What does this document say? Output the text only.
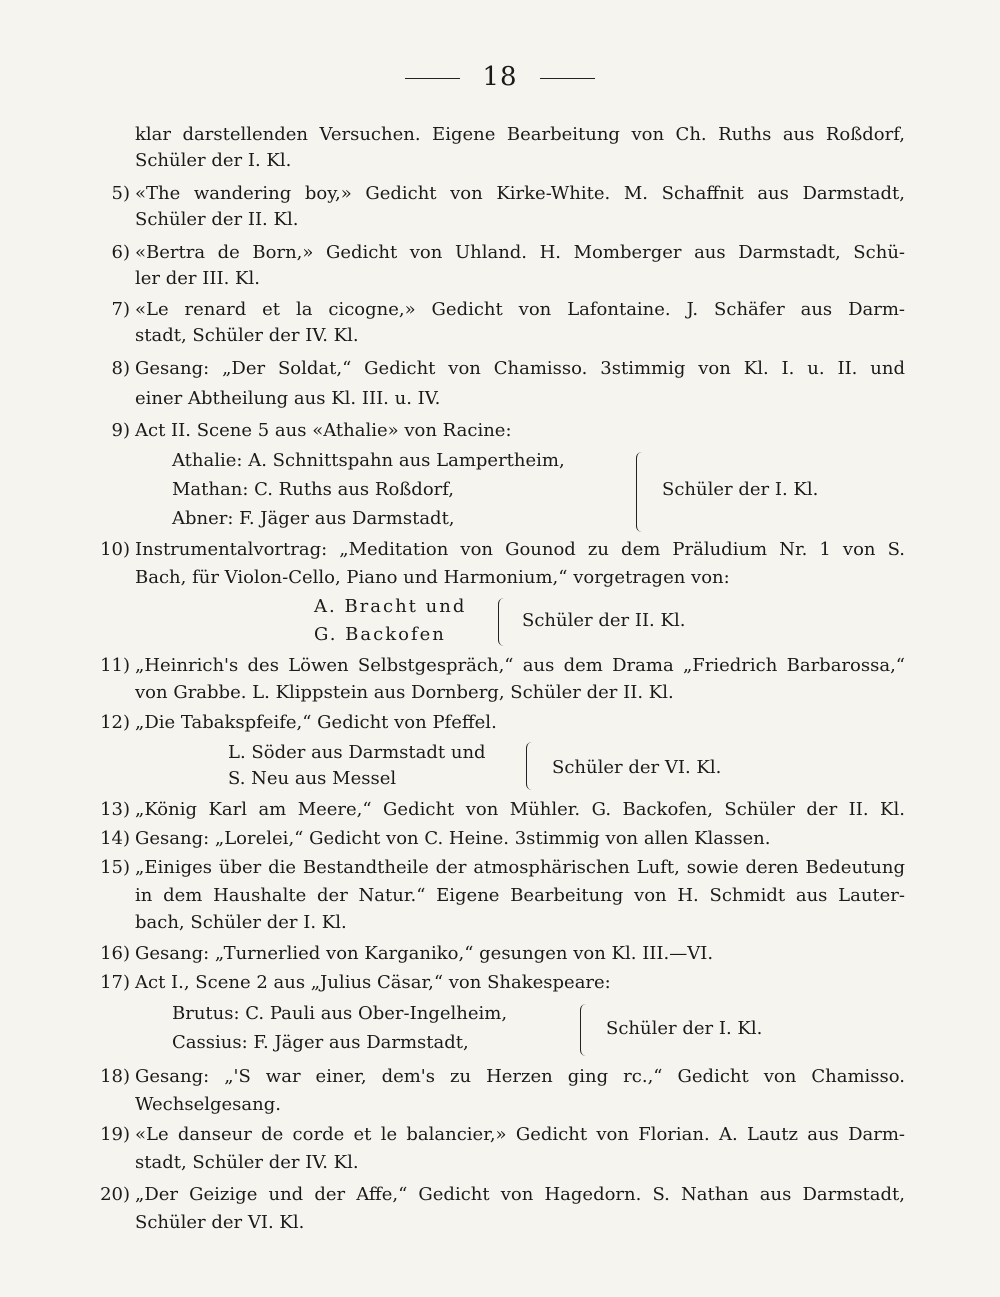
18
klar darstellenden Versuchen. Eigene Bearbeitung von Ch. Ruths aus Roßdorf,
Schüler der I. Kl.
5) «The wandering boy,» Gedicht von Kirke-White. M. Schaffnit aus Darmstadt,
Schüler der II. Kl.
6) «Bertra de Born,» Gedicht von Uhland. H. Momberger aus Darmstadt, Schü-
ler der III. Kl.
7) «Le renard et la cicogne,» Gedicht von Lafontaine. J. Schäfer aus Darm-
stadt, Schüler der IV. Kl.
8) Gesang: „Der Soldat,“ Gedicht von Chamisso. 3stimmig von Kl. I. u. II. und
einer Abtheilung aus Kl. III. u. IV.
9) Act II. Scene 5 aus «Athalie» von Racine:
Athalie: A. Schnittspahn aus Lampertheim,
Mathan: C. Ruths aus Roßdorf,
Abner: F. Jäger aus Darmstadt,
Schüler der I. Kl.
10) Instrumentalvortrag: „Meditation von Gounod zu dem Präludium Nr. 1 von S.
Bach, für Violon-Cello, Piano und Harmonium,“ vorgetragen von:
A. Bracht und
G. Backofen
Schüler der II. Kl.
11) „Heinrich's des Löwen Selbstgespräch,“ aus dem Drama „Friedrich Barbarossa,“
von Grabbe. L. Klippstein aus Dornberg, Schüler der II. Kl.
12) „Die Tabakspfeife,“ Gedicht von Pfeffel.
L. Söder aus Darmstadt und
S. Neu aus Messel
Schüler der VI. Kl.
13) „König Karl am Meere,“ Gedicht von Mühler. G. Backofen, Schüler der II. Kl.
14) Gesang: „Lorelei,“ Gedicht von C. Heine. 3stimmig von allen Klassen.
15) „Einiges über die Bestandtheile der atmosphärischen Luft, sowie deren Bedeutung
in dem Haushalte der Natur.“ Eigene Bearbeitung von H. Schmidt aus Lauter-
bach, Schüler der I. Kl.
16) Gesang: „Turnerlied von Karganiko,“ gesungen von Kl. III.—VI.
17) Act I., Scene 2 aus „Julius Cäsar,“ von Shakespeare:
Brutus: C. Pauli aus Ober-Ingelheim,
Cassius: F. Jäger aus Darmstadt,
Schüler der I. Kl.
18) Gesang: „'S war einer, dem's zu Herzen ging rc.,“ Gedicht von Chamisso.
Wechselgesang.
19) «Le danseur de corde et le balancier,» Gedicht von Florian. A. Lautz aus Darm-
stadt, Schüler der IV. Kl.
20) „Der Geizige und der Affe,“ Gedicht von Hagedorn. S. Nathan aus Darmstadt,
Schüler der VI. Kl.
